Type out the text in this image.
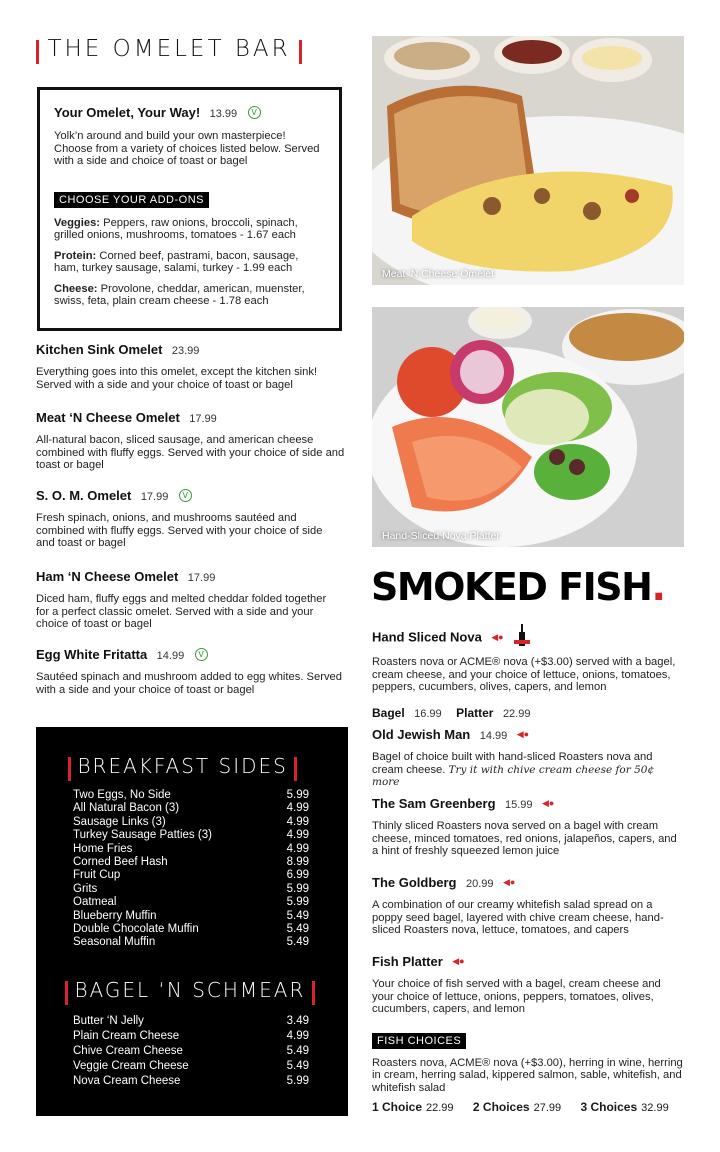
THE OMELET BAR
Your Omelet, Your Way! 13.99 V
Yolk’n around and build your own masterpiece! Choose from a variety of choices listed below. Served with a side and choice of toast or bagel
CHOOSE YOUR ADD-ONS
Veggies: Peppers, raw onions, broccoli, spinach, grilled onions, mushrooms, tomatoes - 1.67 each
Protein: Corned beef, pastrami, bacon, sausage, ham, turkey sausage, salami, turkey - 1.99 each
Cheese: Provolone, cheddar, american, muenster, swiss, feta, plain cream cheese - 1.78 each
Kitchen Sink Omelet 23.99
Everything goes into this omelet, except the kitchen sink! Served with a side and your choice of toast or bagel
Meat ‘N Cheese Omelet 17.99
All-natural bacon, sliced sausage, and american cheese combined with fluffy eggs. Served with your choice of side and toast or bagel
S. O. M. Omelet 17.99 V
Fresh spinach, onions, and mushrooms sautéed and combined with fluffy eggs. Served with your choice of side and toast or bagel
Ham ‘N Cheese Omelet 17.99
Diced ham, fluffy eggs and melted cheddar folded together for a perfect classic omelet. Served with a side and your choice of toast or bagel
Egg White Fritatta 14.99 V
Sautéed spinach and mushroom added to egg whites. Served with a side and your choice of toast or bagel
Meat ‘N Cheese Omelet
Hand-Sliced Nova Platter
BREAKFAST SIDES
Two Eggs, No Side	5.99
All Natural Bacon (3)	4.99
Sausage Links (3)	4.99
Turkey Sausage Patties (3)	4.99
Home Fries	4.99
Corned Beef Hash	8.99
Fruit Cup	6.99
Grits	5.99
Oatmeal	5.99
Blueberry Muffin	5.49
Double Chocolate Muffin	5.49
Seasonal Muffin	5.49
BAGEL ‘N SCHMEAR
Butter ‘N Jelly	3.49
Plain Cream Cheese	4.99
Chive Cream Cheese	5.49
Veggie Cream Cheese	5.49
Nova Cream Cheese	5.99
SMOKED FISH.
Hand Sliced Nova ◀●
Roasters nova or ACME® nova (+$3.00) served with a bagel, cream cheese, and your choice of lettuce, onions, tomatoes, peppers, cucumbers, olives, capers, and lemon
Bagel 16.99 Platter 22.99
Old Jewish Man 14.99 ◀●
Bagel of choice built with hand-sliced Roasters nova and cream cheese. Try it with chive cream cheese for 50¢ more
The Sam Greenberg 15.99 ◀●
Thinly sliced Roasters nova served on a bagel with cream cheese, minced tomatoes, red onions, jalapeños, capers, and a hint of freshly squeezed lemon juice
The Goldberg 20.99 ◀●
A combination of our creamy whitefish salad spread on a poppy seed bagel, layered with chive cream cheese, hand-sliced Roasters nova, lettuce, tomatoes, and capers
Fish Platter ◀●
Your choice of fish served with a bagel, cream cheese and your choice of lettuce, onions, peppers, tomatoes, olives, cucumbers, capers, and lemon
FISH CHOICES
Roasters nova, ACME® nova (+$3.00), herring in wine, herring in cream, herring salad, kippered salmon, sable, whitefish, and whitefish salad
1 Choice 22.99 2 Choices 27.99 3 Choices 32.99
